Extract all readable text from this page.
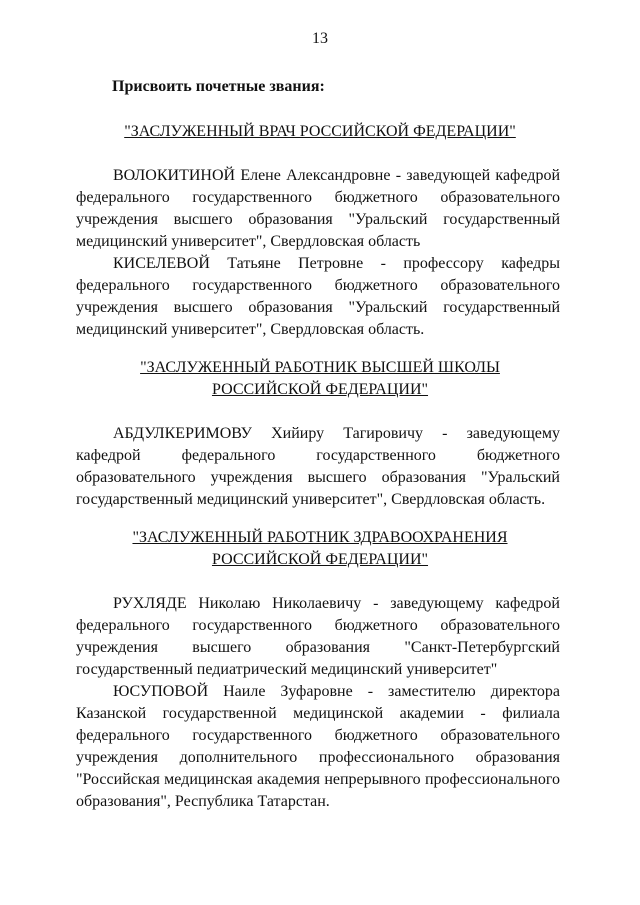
13
Присвоить почетные звания:
"ЗАСЛУЖЕННЫЙ ВРАЧ РОССИЙСКОЙ ФЕДЕРАЦИИ"

ВОЛОКИТИНОЙ Елене Александровне - заведующей кафедрой федерального государственного бюджетного образовательного учреждения высшего образования "Уральский государственный медицинский университет", Свердловская область

КИСЕЛЕВОЙ Татьяне Петровне - профессору кафедры федерального государственного бюджетного образовательного учреждения высшего образования "Уральский государственный медицинский университет", Свердловская область.

"ЗАСЛУЖЕННЫЙ РАБОТНИК ВЫСШЕЙ ШКОЛЫ
РОССИЙСКОЙ ФЕДЕРАЦИИ"

АБДУЛКЕРИМОВУ Хийиру Тагировичу - заведующему кафедрой федерального государственного бюджетного образовательного учреждения высшего образования "Уральский государственный медицинский университет", Свердловская область.

"ЗАСЛУЖЕННЫЙ РАБОТНИК ЗДРАВООХРАНЕНИЯ
РОССИЙСКОЙ ФЕДЕРАЦИИ"

РУХЛЯДЕ Николаю Николаевичу - заведующему кафедрой федерального государственного бюджетного образовательного учреждения высшего образования "Санкт-Петербургский государственный педиатрический медицинский университет"

ЮСУПОВОЙ Наиле Зуфаровне - заместителю директора Казанской государственной медицинской академии - филиала федерального государственного бюджетного образовательного учреждения дополнительного профессионального образования "Российская медицинская академия непрерывного профессионального образования", Республика Татарстан.
